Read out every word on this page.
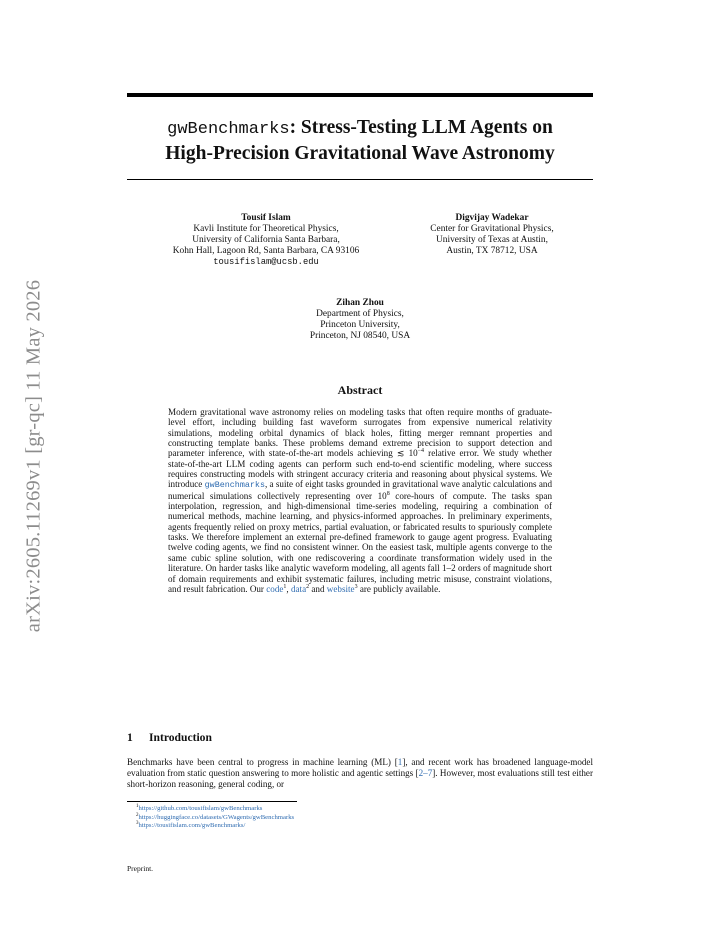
arXiv:2605.11269v1 [gr-qc] 11 May 2026
gwBenchmarks: Stress-Testing LLM Agents on
High-Precision Gravitational Wave Astronomy
Tousif Islam
Kavli Institute for Theoretical Physics,
University of California Santa Barbara,
Kohn Hall, Lagoon Rd, Santa Barbara, CA 93106
tousifislam@ucsb.edu
Digvijay Wadekar
Center for Gravitational Physics,
University of Texas at Austin,
Austin, TX 78712, USA
Zihan Zhou
Department of Physics,
Princeton University,
Princeton, NJ 08540, USA
Abstract
Modern gravitational wave astronomy relies on modeling tasks that often require months of graduate-level effort, including building fast waveform surrogates from expensive numerical relativity simulations, modeling orbital dynamics of black holes, fitting merger remnant properties and constructing template banks. These problems demand extreme precision to support detection and parameter inference, with state-of-the-art models achieving ≲ $10^{-4}$ relative error. We study whether state-of-the-art LLM coding agents can perform such end-to-end scientific modeling, where success requires constructing models with stringent accuracy criteria and reasoning about physical systems. We introduce gwBenchmarks, a suite of eight tasks grounded in gravitational wave analytic calculations and numerical simulations collectively representing over $10^8$ core-hours of compute. The tasks span interpolation, regression, and high-dimensional time-series modeling, requiring a combination of numerical methods, machine learning, and physics-informed approaches. In preliminary experiments, agents frequently relied on proxy metrics, partial evaluation, or fabricated results to spuriously complete tasks. We therefore implement an external pre-defined framework to gauge agent progress. Evaluating twelve coding agents, we find no consistent winner. On the easiest task, multiple agents converge to the same cubic spline solution, with one rediscovering a coordinate transformation widely used in the literature. On harder tasks like analytic waveform modeling, all agents fall 1–2 orders of magnitude short of domain requirements and exhibit systematic failures, including metric misuse, constraint violations, and result fabrication. Our code$^1$, data$^2$ and website$^3$ are publicly available.
1 Introduction
Benchmarks have been central to progress in machine learning (ML) [1], and recent work has broadened language-model evaluation from static question answering to more holistic and agentic settings [2–7]. However, most evaluations still test either short-horizon reasoning, general coding, or
$^1$https://github.com/tousifislam/gwBenchmarks
$^2$https://huggingface.co/datasets/GWagents/gwBenchmarks
$^3$https://tousifislam.com/gwBenchmarks/
Preprint.
